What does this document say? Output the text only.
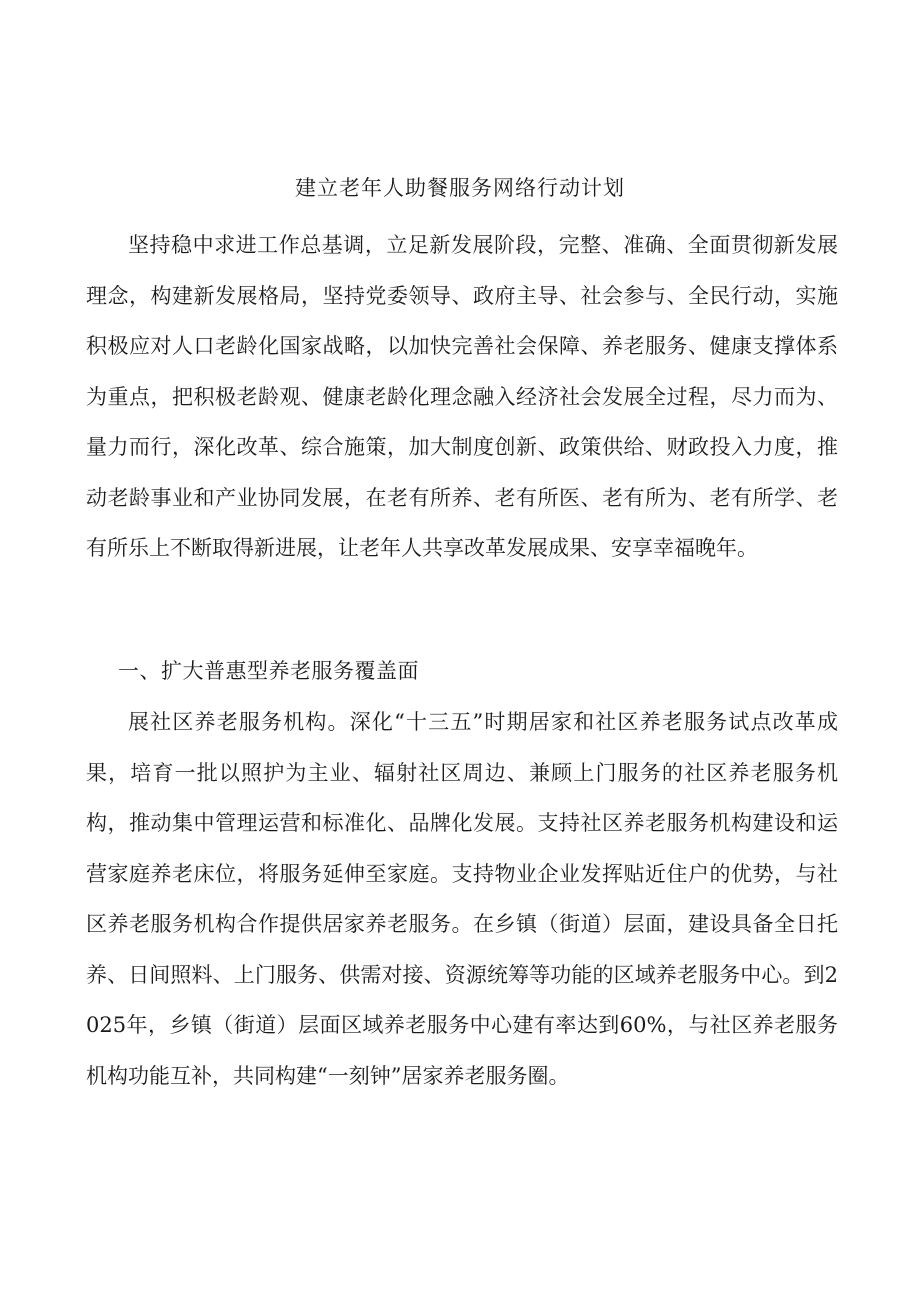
建立老年人助餐服务网络行动计划

坚持稳中求进工作总基调，立足新发展阶段，完整、准确、全面贯彻新发展理念，构建新发展格局，坚持党委领导、政府主导、社会参与、全民行动，实施积极应对人口老龄化国家战略，以加快完善社会保障、养老服务、健康支撑体系为重点，把积极老龄观、健康老龄化理念融入经济社会发展全过程，尽力而为、量力而行，深化改革、综合施策，加大制度创新、政策供给、财政投入力度，推动老龄事业和产业协同发展，在老有所养、老有所医、老有所为、老有所学、老有所乐上不断取得新进展，让老年人共享改革发展成果、安享幸福晚年。

一、扩大普惠型养老服务覆盖面

展社区养老服务机构。深化“十三五”时期居家和社区养老服务试点改革成果，培育一批以照护为主业、辐射社区周边、兼顾上门服务的社区养老服务机构，推动集中管理运营和标准化、品牌化发展。支持社区养老服务机构建设和运营家庭养老床位，将服务延伸至家庭。支持物业企业发挥贴近住户的优势，与社区养老服务机构合作提供居家养老服务。在乡镇（街道）层面，建设具备全日托养、日间照料、上门服务、供需对接、资源统筹等功能的区域养老服务中心。到2025年，乡镇（街道）层面区域养老服务中心建有率达到60%，与社区养老服务机构功能互补，共同构建“一刻钟”居家养老服务圈。
